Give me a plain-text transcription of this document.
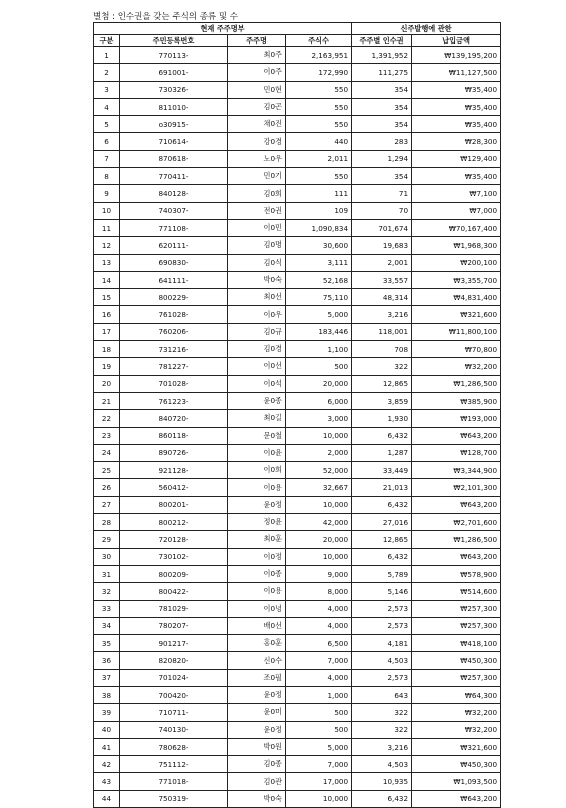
별첨 : 인수권을 갖는 주식의 종류 및 수
현재 주주명부				신주발행에 관한	
구분	주민등록번호	주주명	주식수	주주별 인수권	납입금액
1	770113-	최0주	2,163,951	1,391,952	₩139,195,200
2	691001-	이0주	172,990	111,275	₩11,127,500
3	730326-	민0현	550	354	₩35,400
4	811010-	김0곤	550	354	₩35,400
5	o30915-	채0진	550	354	₩35,400
6	710614-	강0경	440	283	₩28,300
7	870618-	노0우	2,011	1,294	₩129,400
8	770411-	민0기	550	354	₩35,400
9	840128-	김0희	111	71	₩7,100
10	740307-	전0권	109	70	₩7,000
11	771108-	이0민	1,090,834	701,674	₩70,167,400
12	620111-	김0명	30,600	19,683	₩1,968,300
13	690830-	김0식	3,111	2,001	₩200,100
14	641111-	박0숙	52,168	33,557	₩3,355,700
15	800229-	최0선	75,110	48,314	₩4,831,400
16	761028-	이0우	5,000	3,216	₩321,600
17	760206-	김0규	183,446	118,001	₩11,800,100
18	731216-	김0경	1,100	708	₩70,800
19	781227-	이0선	500	322	₩32,200
20	701028-	이0석	20,000	12,865	₩1,286,500
21	761223-	윤0종	6,000	3,859	₩385,900
22	840720-	최0길	3,000	1,930	₩193,000
23	860118-	문0철	10,000	6,432	₩643,200
24	890726-	이0윤	2,000	1,287	₩128,700
25	921128-	이0희	52,000	33,449	₩3,344,900
26	560412-	이0용	32,667	21,013	₩2,101,300
27	800201-	윤0정	10,000	6,432	₩643,200
28	800212-	정0윤	42,000	27,016	₩2,701,600
29	720128-	최0훈	20,000	12,865	₩1,286,500
30	730102-	이0정	10,000	6,432	₩643,200
31	800209-	이0종	9,000	5,789	₩578,900
32	800422-	이0용	8,000	5,146	₩514,600
33	781029-	이0녕	4,000	2,573	₩257,300
34	780207-	배0선	4,000	2,573	₩257,300
35	901217-	홍0훈	6,500	4,181	₩418,100
36	820820-	신0수	7,000	4,503	₩450,300
37	701024-	조0필	4,000	2,573	₩257,300
38	700420-	윤0정	1,000	643	₩64,300
39	710711-	윤0미	500	322	₩32,200
40	740130-	윤0정	500	322	₩32,200
41	780628-	박0원	5,000	3,216	₩321,600
42	751112-	김0종	7,000	4,503	₩450,300
43	771018-	김0관	17,000	10,935	₩1,093,500
44	750319-	박0숙	10,000	6,432	₩643,200
